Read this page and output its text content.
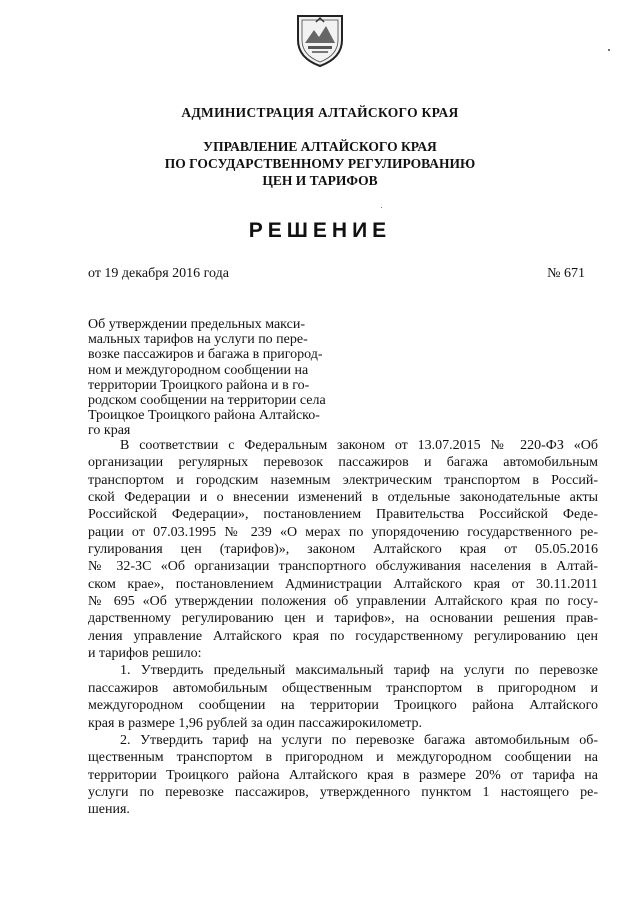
АДМИНИСТРАЦИЯ АЛТАЙСКОГО КРАЯ
УПРАВЛЕНИЕ АЛТАЙСКОГО КРАЯ
ПО ГОСУДАРСТВЕННОМУ РЕГУЛИРОВАНИЮ
ЦЕН И ТАРИФОВ
РЕШЕНИЕ
от 19 декабря 2016 года	№ 671
Об утверждении предельных макси-
мальных тарифов на услуги по пере-
возке пассажиров и багажа в пригород-
ном и междугородном сообщении на
территории Троицкого района и в го-
родском сообщении на территории села
Троицкое Троицкого района Алтайско-
го края
В соответствии с Федеральным законом от 13.07.2015 № 220-ФЗ «Об
организации регулярных перевозок пассажиров и багажа автомобильным
транспортом и городским наземным электрическим транспортом в Россий-
ской Федерации и о внесении изменений в отдельные законодательные акты
Российской Федерации», постановлением Правительства Российской Феде-
рации от 07.03.1995 № 239 «О мерах по упорядочению государственного ре-
гулирования цен (тарифов)», законом Алтайского края от 05.05.2016
№ 32-ЗС «Об организации транспортного обслуживания населения в Алтай-
ском крае», постановлением Администрации Алтайского края от 30.11.2011
№ 695 «Об утверждении положения об управлении Алтайского края по госу-
дарственному регулированию цен и тарифов», на основании решения прав-
ления управление Алтайского края по государственному регулированию цен
и тарифов решило:
1. Утвердить предельный максимальный тариф на услуги по перевозке
пассажиров автомобильным общественным транспортом в пригородном и
междугородном сообщении на территории Троицкого района Алтайского
края в размере 1,96 рублей за один пассажирокилометр.
2. Утвердить тариф на услуги по перевозке багажа автомобильным об-
щественным транспортом в пригородном и междугородном сообщении на
территории Троицкого района Алтайского края в размере 20% от тарифа на
услуги по перевозке пассажиров, утвержденного пунктом 1 настоящего ре-
шения.
